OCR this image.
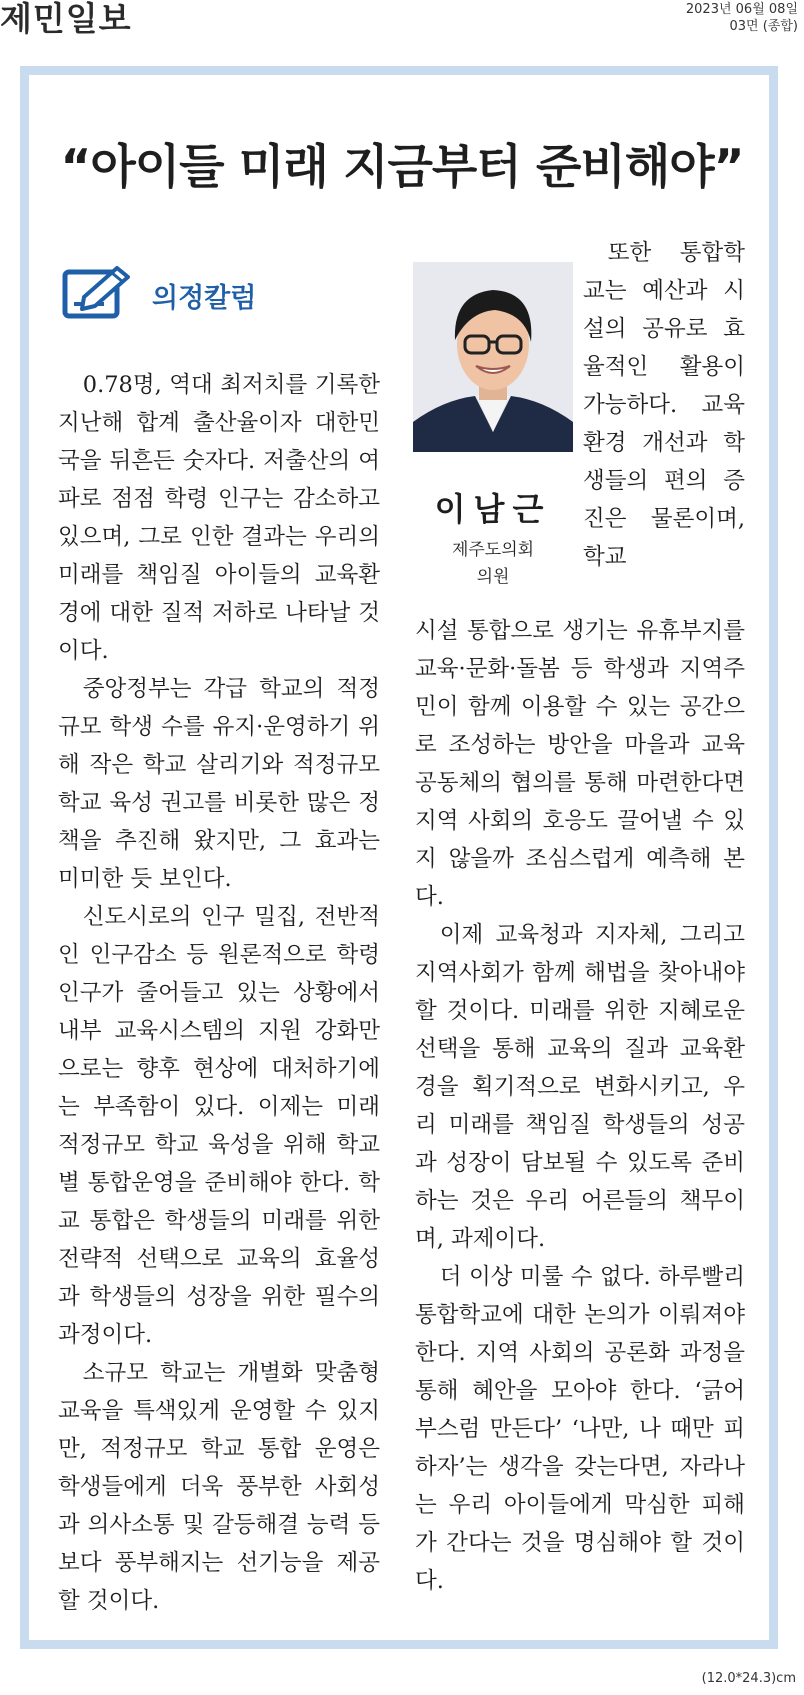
제민일보	2023년 06월 08일
03면 (종합)
“아이들 미래 지금부터 준비해야”
의정칼럼
이남근
제주도의회
의원

0.78명, 역대 최저치를 기록한 지난해 합계 출산율이자 대한민국을 뒤흔든 숫자다. 저출산의 여파로 점점 학령 인구는 감소하고 있으며, 그로 인한 결과는 우리의 미래를 책임질 아이들의 교육환경에 대한 질적 저하로 나타날 것이다.

중앙정부는 각급 학교의 적정규모 학생 수를 유지·운영하기 위해 작은 학교 살리기와 적정규모 학교 육성 권고를 비롯한 많은 정책을 추진해 왔지만, 그 효과는 미미한 듯 보인다.

신도시로의 인구 밀집, 전반적인 인구감소 등 원론적으로 학령 인구가 줄어들고 있는 상황에서 내부 교육시스템의 지원 강화만으로는 향후 현상에 대처하기에는 부족함이 있다. 이제는 미래 적정규모 학교 육성을 위해 학교별 통합운영을 준비해야 한다. 학교 통합은 학생들의 미래를 위한 전략적 선택으로 교육의 효율성과 학생들의 성장을 위한 필수의 과정이다.

소규모 학교는 개별화 맞춤형 교육을 특색있게 운영할 수 있지만, 적정규모 학교 통합 운영은 학생들에게 더욱 풍부한 사회성과 의사소통 및 갈등해결 능력 등 보다 풍부해지는 선기능을 제공할 것이다.

또한 통합학교는 예산과 시설의 공유로 효율적인 활용이 가능하다. 교육환경 개선과 학생들의 편의 증진은 물론이며, 학교

시설 통합으로 생기는 유휴부지를 교육·문화·돌봄 등 학생과 지역주민이 함께 이용할 수 있는 공간으로 조성하는 방안을 마을과 교육공동체의 협의를 통해 마련한다면 지역 사회의 호응도 끌어낼 수 있지 않을까 조심스럽게 예측해 본다.

이제 교육청과 지자체, 그리고 지역사회가 함께 해법을 찾아내야 할 것이다. 미래를 위한 지혜로운 선택을 통해 교육의 질과 교육환경을 획기적으로 변화시키고, 우리 미래를 책임질 학생들의 성공과 성장이 담보될 수 있도록 준비하는 것은 우리 어른들의 책무이며, 과제이다.

더 이상 미룰 수 없다. 하루빨리 통합학교에 대한 논의가 이뤄져야 한다. 지역 사회의 공론화 과정을 통해 혜안을 모아야 한다. ‘긁어 부스럼 만든다’ ‘나만, 나 때만 피하자’는 생각을 갖는다면, 자라나는 우리 아이들에게 막심한 피해가 간다는 것을 명심해야 할 것이다.

(12.0*24.3)cm
